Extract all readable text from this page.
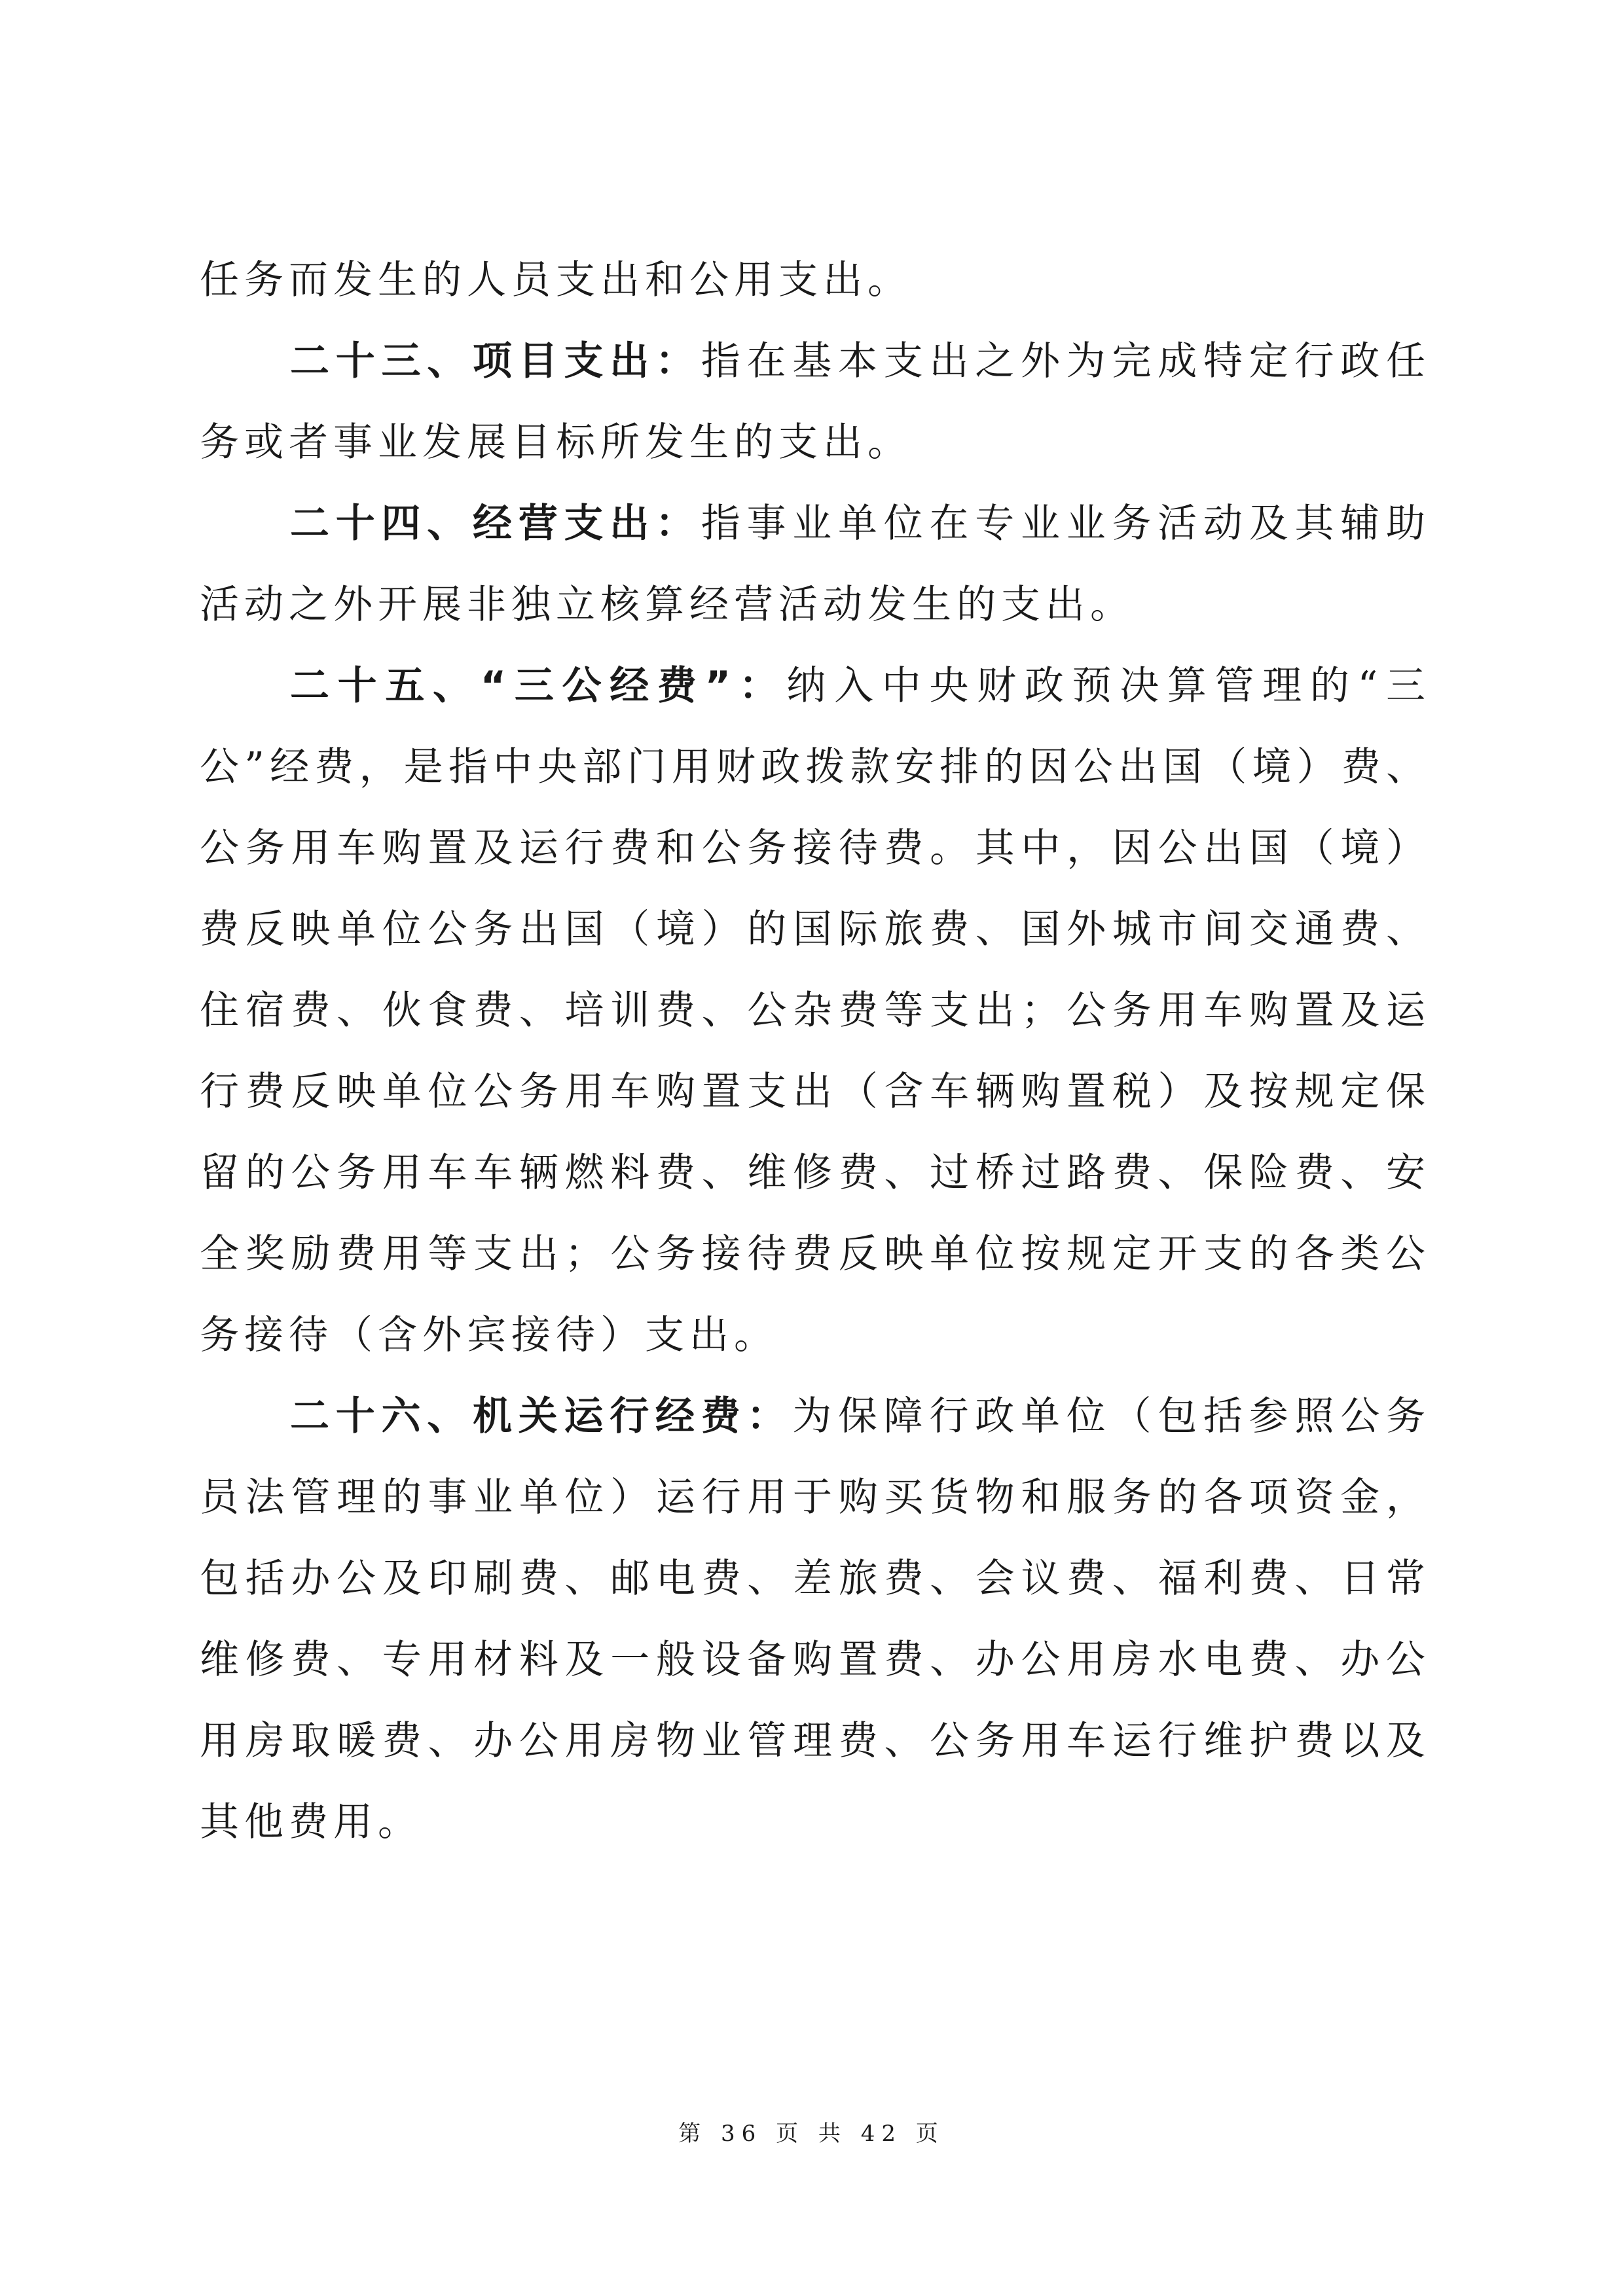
任务而发生的人员支出和公用支出。

二十三、项目支出：指在基本支出之外为完成特定行政任务或者事业发展目标所发生的支出。

二十四、经营支出：指事业单位在专业业务活动及其辅助活动之外开展非独立核算经营活动发生的支出。

二十五、“三公经费”：纳入中央财政预决算管理的“三公”经费，是指中央部门用财政拨款安排的因公出国（境）费、公务用车购置及运行费和公务接待费。其中，因公出国（境）费反映单位公务出国（境）的国际旅费、国外城市间交通费、住宿费、伙食费、培训费、公杂费等支出；公务用车购置及运行费反映单位公务用车购置支出（含车辆购置税）及按规定保留的公务用车车辆燃料费、维修费、过桥过路费、保险费、安全奖励费用等支出；公务接待费反映单位按规定开支的各类公务接待（含外宾接待）支出。

二十六、机关运行经费：为保障行政单位（包括参照公务员法管理的事业单位）运行用于购买货物和服务的各项资金，包括办公及印刷费、邮电费、差旅费、会议费、福利费、日常维修费、专用材料及一般设备购置费、办公用房水电费、办公用房取暖费、办公用房物业管理费、公务用车运行维护费以及其他费用。

第 36 页 共 42 页
